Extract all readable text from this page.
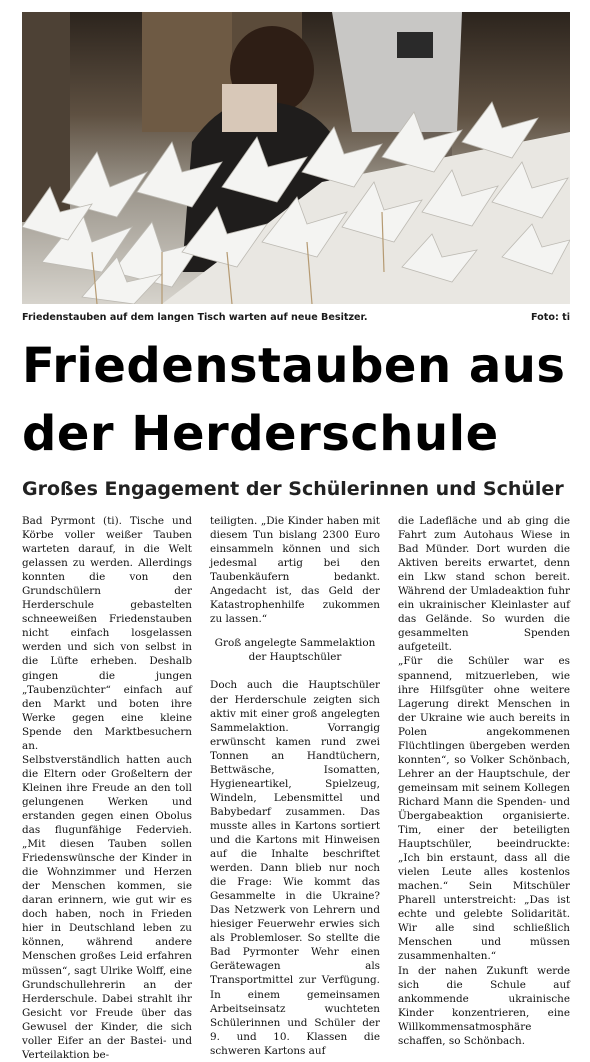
Friedenstauben auf dem langen Tisch warten auf neue Besitzer.	Foto: ti
Friedenstauben aus
der Herderschule
Großes Engagement der Schülerinnen und Schüler

Bad Pyrmont (ti). Tische und Körbe voller weißer Tauben warteten darauf, in die Welt gelassen zu werden. Allerdings konnten die von den Grundschülern der Herderschule gebastelten schneeweißen Friedenstauben nicht einfach losgelassen werden und sich von selbst in die Lüfte erheben. Deshalb gingen die jungen „Taubenzüchter“ einfach auf den Markt und boten ihre Werke gegen eine kleine Spende den Marktbesuchern an.

Selbstverständlich hatten auch die Eltern oder Großeltern der Kleinen ihre Freude an den toll gelungenen Werken und erstanden gegen einen Obolus das flugunfähige Federvieh. „Mit diesen Tauben sollen Friedenswünsche der Kinder in die Wohnzimmer und Herzen der Menschen kommen, sie daran erinnern, wie gut wir es doch haben, noch in Frieden hier in Deutschland leben zu können, während andere Menschen großes Leid erfahren müssen“, sagt Ulrike Wolff, eine Grundschullehrerin an der Herderschule. Dabei strahlt ihr Gesicht vor Freude über das Gewusel der Kinder, die sich voller Eifer an der Bastei- und Verteilaktion be-

teiligten. „Die Kinder haben mit diesem Tun bislang 2300 Euro einsammeln können und sich jedesmal artig bei den Taubenkäufern bedankt. Angedacht ist, das Geld der Katastrophenhilfe zukommen zu lassen.“

Groß angelegte Sammelaktion der Hauptschüler

Doch auch die Hauptschüler der Herderschule zeigten sich aktiv mit einer groß angelegten Sammelaktion. Vorrangig erwünscht kamen rund zwei Tonnen an Handtüchern, Bettwäsche, Isomatten, Hygieneartikel, Spielzeug, Windeln, Lebensmittel und Babybedarf zusammen. Das musste alles in Kartons sortiert und die Kartons mit Hinweisen auf die Inhalte beschriftet werden. Dann blieb nur noch die Frage: Wie kommt das Gesammelte in die Ukraine? Das Netzwerk von Lehrern und hiesiger Feuerwehr erwies sich als Problemloser. So stellte die Bad Pyrmonter Wehr einen Gerätewagen als Transportmittel zur Verfügung. In einem gemeinsamen Arbeitseinsatz wuchteten Schülerinnen und Schüler der 9. und 10. Klassen die schweren Kartons auf

die Ladefläche und ab ging die Fahrt zum Autohaus Wiese in Bad Münder. Dort wurden die Aktiven bereits erwartet, denn ein Lkw stand schon bereit. Während der Umladeaktion fuhr ein ukrainischer Kleinlaster auf das Gelände. So wurden die gesammelten Spenden aufgeteilt.

„Für die Schüler war es spannend, mitzuerleben, wie ihre Hilfsgüter ohne weitere Lagerung direkt Menschen in der Ukraine wie auch bereits in Polen angekommenen Flüchtlingen übergeben werden konnten“, so Volker Schönbach, Lehrer an der Hauptschule, der gemeinsam mit seinem Kollegen Richard Mann die Spenden- und Übergabeaktion organisierte. Tim, einer der beteiligten Hauptschüler, beeindruckte: „Ich bin erstaunt, dass all die vielen Leute alles kostenlos machen.“ Sein Mitschüler Pharell unterstreicht: „Das ist echte und gelebte Solidarität. Wir alle sind schließlich Menschen und müssen zusammenhalten.“

In der nahen Zukunft werde sich die Schule auf ankommende ukrainische Kinder konzentrieren, eine Willkommensatmosphäre schaffen, so Schönbach.
